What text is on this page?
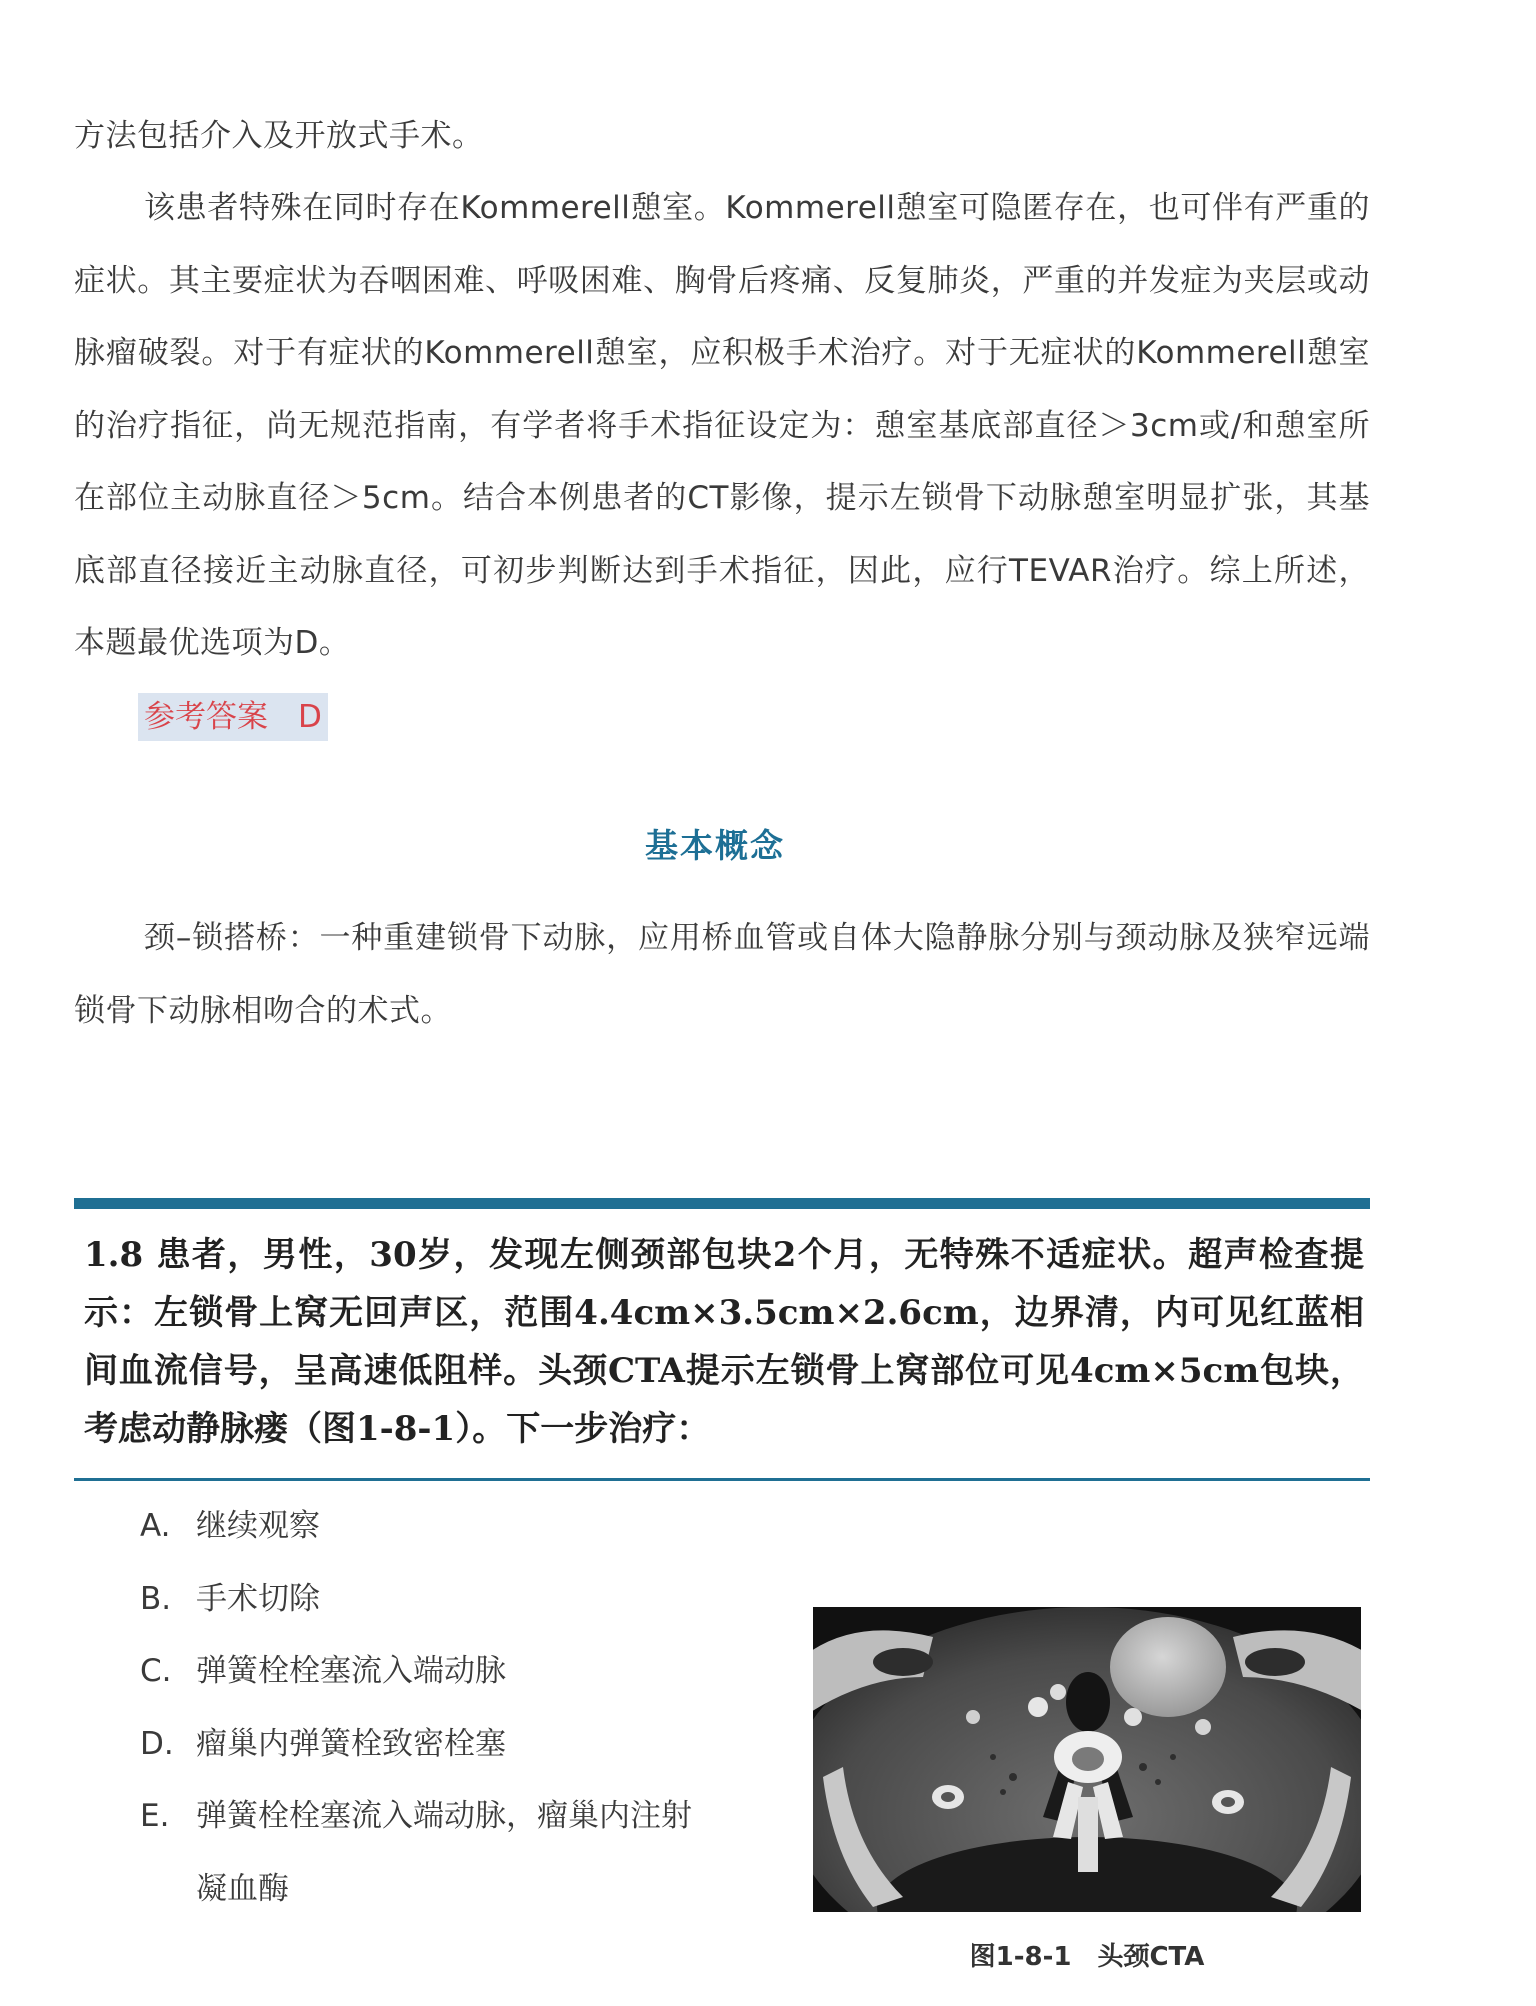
方法包括介入及开放式手术。

该患者特殊在同时存在Kommerell憩室。Kommerell憩室可隐匿存在，也可伴有严重的症状。其主要症状为吞咽困难、呼吸困难、胸骨后疼痛、反复肺炎，严重的并发症为夹层或动脉瘤破裂。对于有症状的Kommerell憩室，应积极手术治疗。对于无症状的Kommerell憩室的治疗指征，尚无规范指南，有学者将手术指征设定为：憩室基底部直径＞3cm或/和憩室所在部位主动脉直径＞5cm。结合本例患者的CT影像，提示左锁骨下动脉憩室明显扩张，其基底部直径接近主动脉直径，可初步判断达到手术指征，因此，应行TEVAR治疗。综上所述，本题最优选项为D。

参考答案 D
基本概念

颈–锁搭桥：一种重建锁骨下动脉，应用桥血管或自体大隐静脉分别与颈动脉及狭窄远端锁骨下动脉相吻合的术式。

1.8 患者，男性，30岁，发现左侧颈部包块2个月，无特殊不适症状。超声检查提示：左锁骨上窝无回声区，范围4.4cm×3.5cm×2.6cm，边界清，内可见红蓝相间血流信号，呈高速低阻样。头颈CTA提示左锁骨上窝部位可见4cm×5cm包块，考虑动静脉瘘（图1-8-1）。下一步治疗：

A. 继续观察
B. 手术切除
C. 弹簧栓栓塞流入端动脉
D. 瘤巢内弹簧栓致密栓塞
E. 弹簧栓栓塞流入端动脉，瘤巢内注射
凝血酶
图1-8-1 头颈CTA
